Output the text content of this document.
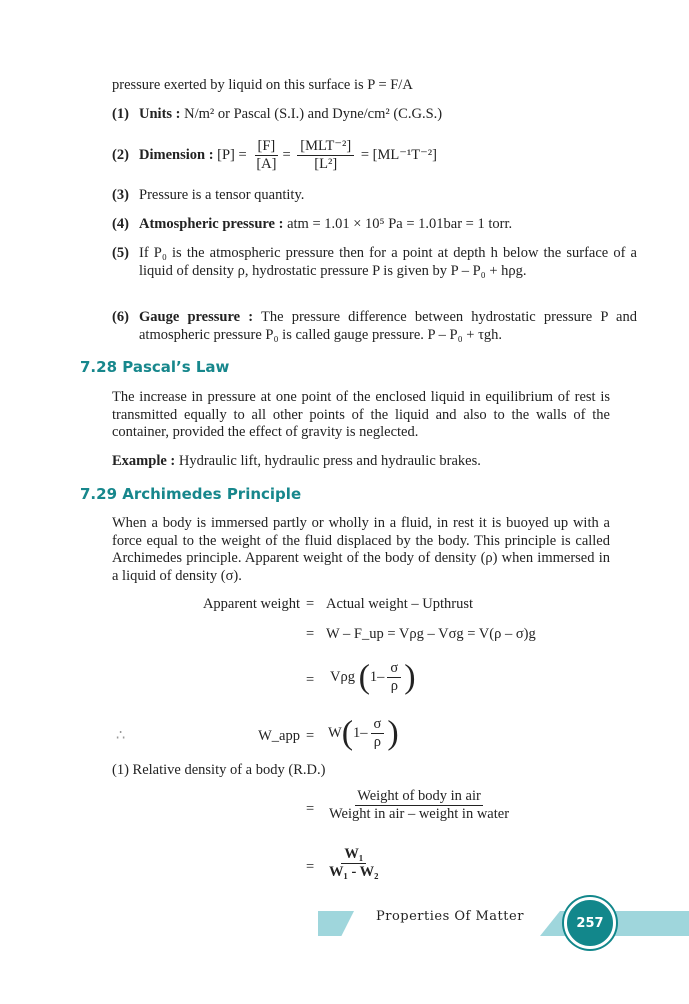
pressure exerted by liquid on this surface is P = F/A
(1) Units : N/m² or Pascal (S.I.) and Dyne/cm² (C.G.S.)
(2) Dimension : $[P] = \frac{[F]}{[A]} = \frac{\text{[MLT⁻²]}}{\text{[L²]}} = [ML^{-1}T^{-2}]$
(3) Pressure is a tensor quantity.
(4) Atmospheric pressure : atm = 1.01 × 10⁵ Pa = 1.01bar = 1 torr.
(5) If P₀ is the atmospheric pressure then for a point at depth h below the surface of a liquid of density ρ, hydrostatic pressure P is given by P – P₀ + hρg.
(6) Gauge pressure : The pressure difference between hydrostatic pressure P and atmospheric pressure P₀ is called gauge pressure. P – P₀ + τgh.
7.28 Pascal’s Law
The increase in pressure at one point of the enclosed liquid in equilibrium of rest is transmitted equally to all other points of the liquid and also to the walls of the container, provided the effect of gravity is neglected.
Example : Hydraulic lift, hydraulic press and hydraulic brakes.
7.29 Archimedes Principle
When a body is immersed partly or wholly in a fluid, in rest it is buoyed up with a force equal to the weight of the fluid displaced by the body. This principle is called Archimedes principle. Apparent weight of the body of density (ρ) when immersed in a liquid of density (σ).
Apparent weight = Actual weight – Upthrust
= W – F_up = Vρg – Vσg = V(ρ – σ)g
= Vρg ($1- \frac{\sigma}{\rho}$ )
∴	W_app = $W(1- \frac{\sigma}{\rho}$ )
(1) Relative density of a body (R.D.)
= $\frac{\text{Weight of body in air}}{\text{Weight in air – weight in water}}$
= $\frac{\text{W₁}}{\text{W₁ - W₂}}$
Properties Of Matter	257
